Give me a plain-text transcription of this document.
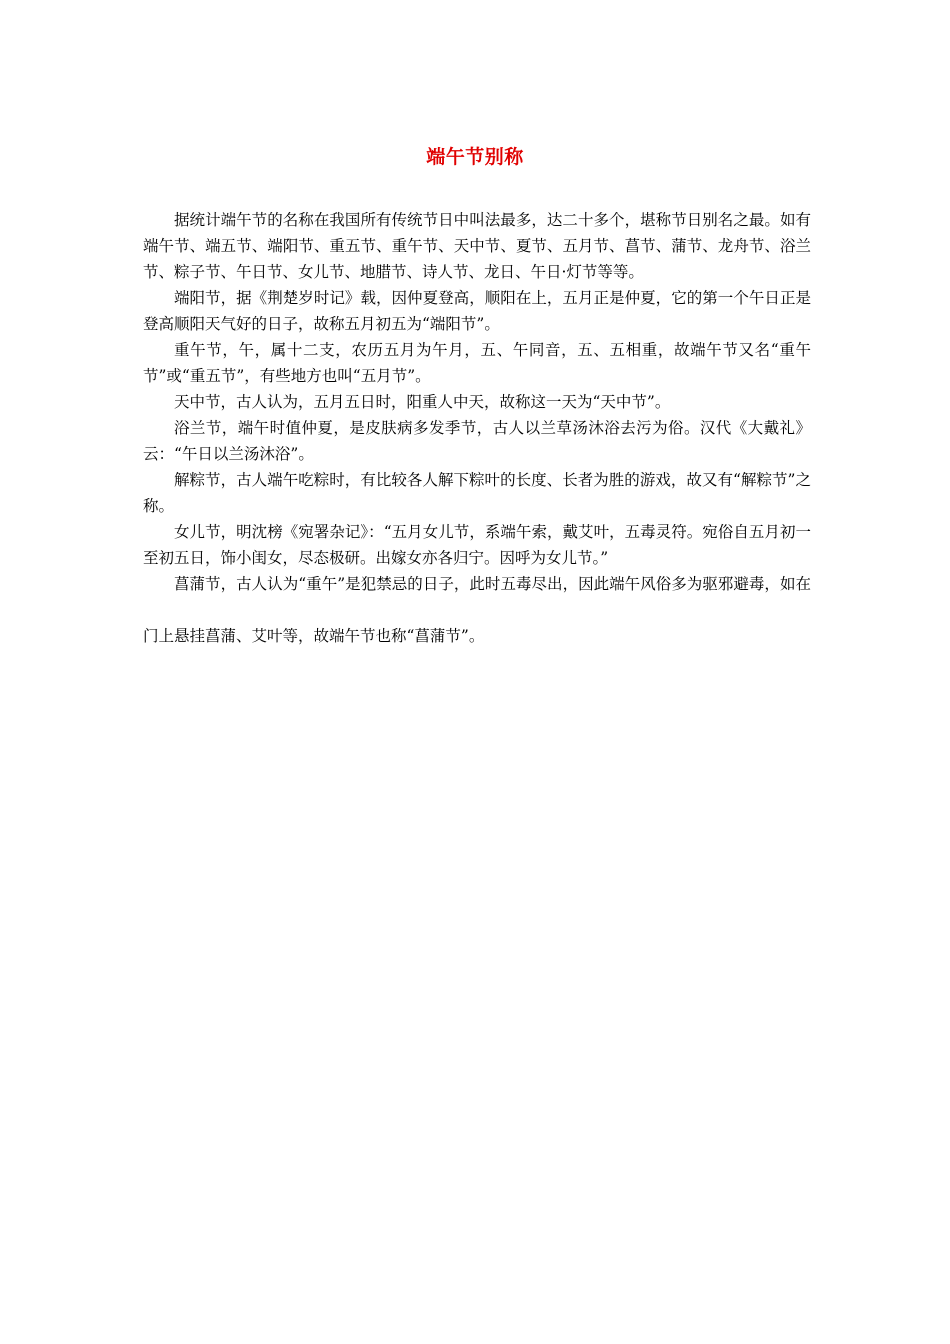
端午节别称

据统计端午节的名称在我国所有传统节日中叫法最多，达二十多个，堪称节日别名之最。如有端午节、端五节、端阳节、重五节、重午节、天中节、夏节、五月节、菖节、蒲节、龙舟节、浴兰节、粽子节、午日节、女儿节、地腊节、诗人节、龙日、午日·灯节等等。

端阳节，据《荆楚岁时记》载，因仲夏登高，顺阳在上，五月正是仲夏，它的第一个午日正是登高顺阳天气好的日子，故称五月初五为“端阳节”。

重午节，午，属十二支，农历五月为午月，五、午同音，五、五相重，故端午节又名“重午节”或“重五节”，有些地方也叫“五月节”。

天中节，古人认为，五月五日时，阳重人中天，故称这一天为“天中节”。

浴兰节，端午时值仲夏，是皮肤病多发季节，古人以兰草汤沐浴去污为俗。汉代《大戴礼》云：“午日以兰汤沐浴”。

解粽节，古人端午吃粽时，有比较各人解下粽叶的长度、长者为胜的游戏，故又有“解粽节”之称。

女儿节，明沈榜《宛署杂记》：“五月女儿节，系端午索，戴艾叶，五毒灵符。宛俗自五月初一至初五日，饰小闺女，尽态极研。出嫁女亦各归宁。因呼为女儿节。”

菖蒲节，古人认为“重午”是犯禁忌的日子，此时五毒尽出，因此端午风俗多为驱邪避毒，如在门上悬挂菖蒲、艾叶等，故端午节也称“菖蒲节”。
